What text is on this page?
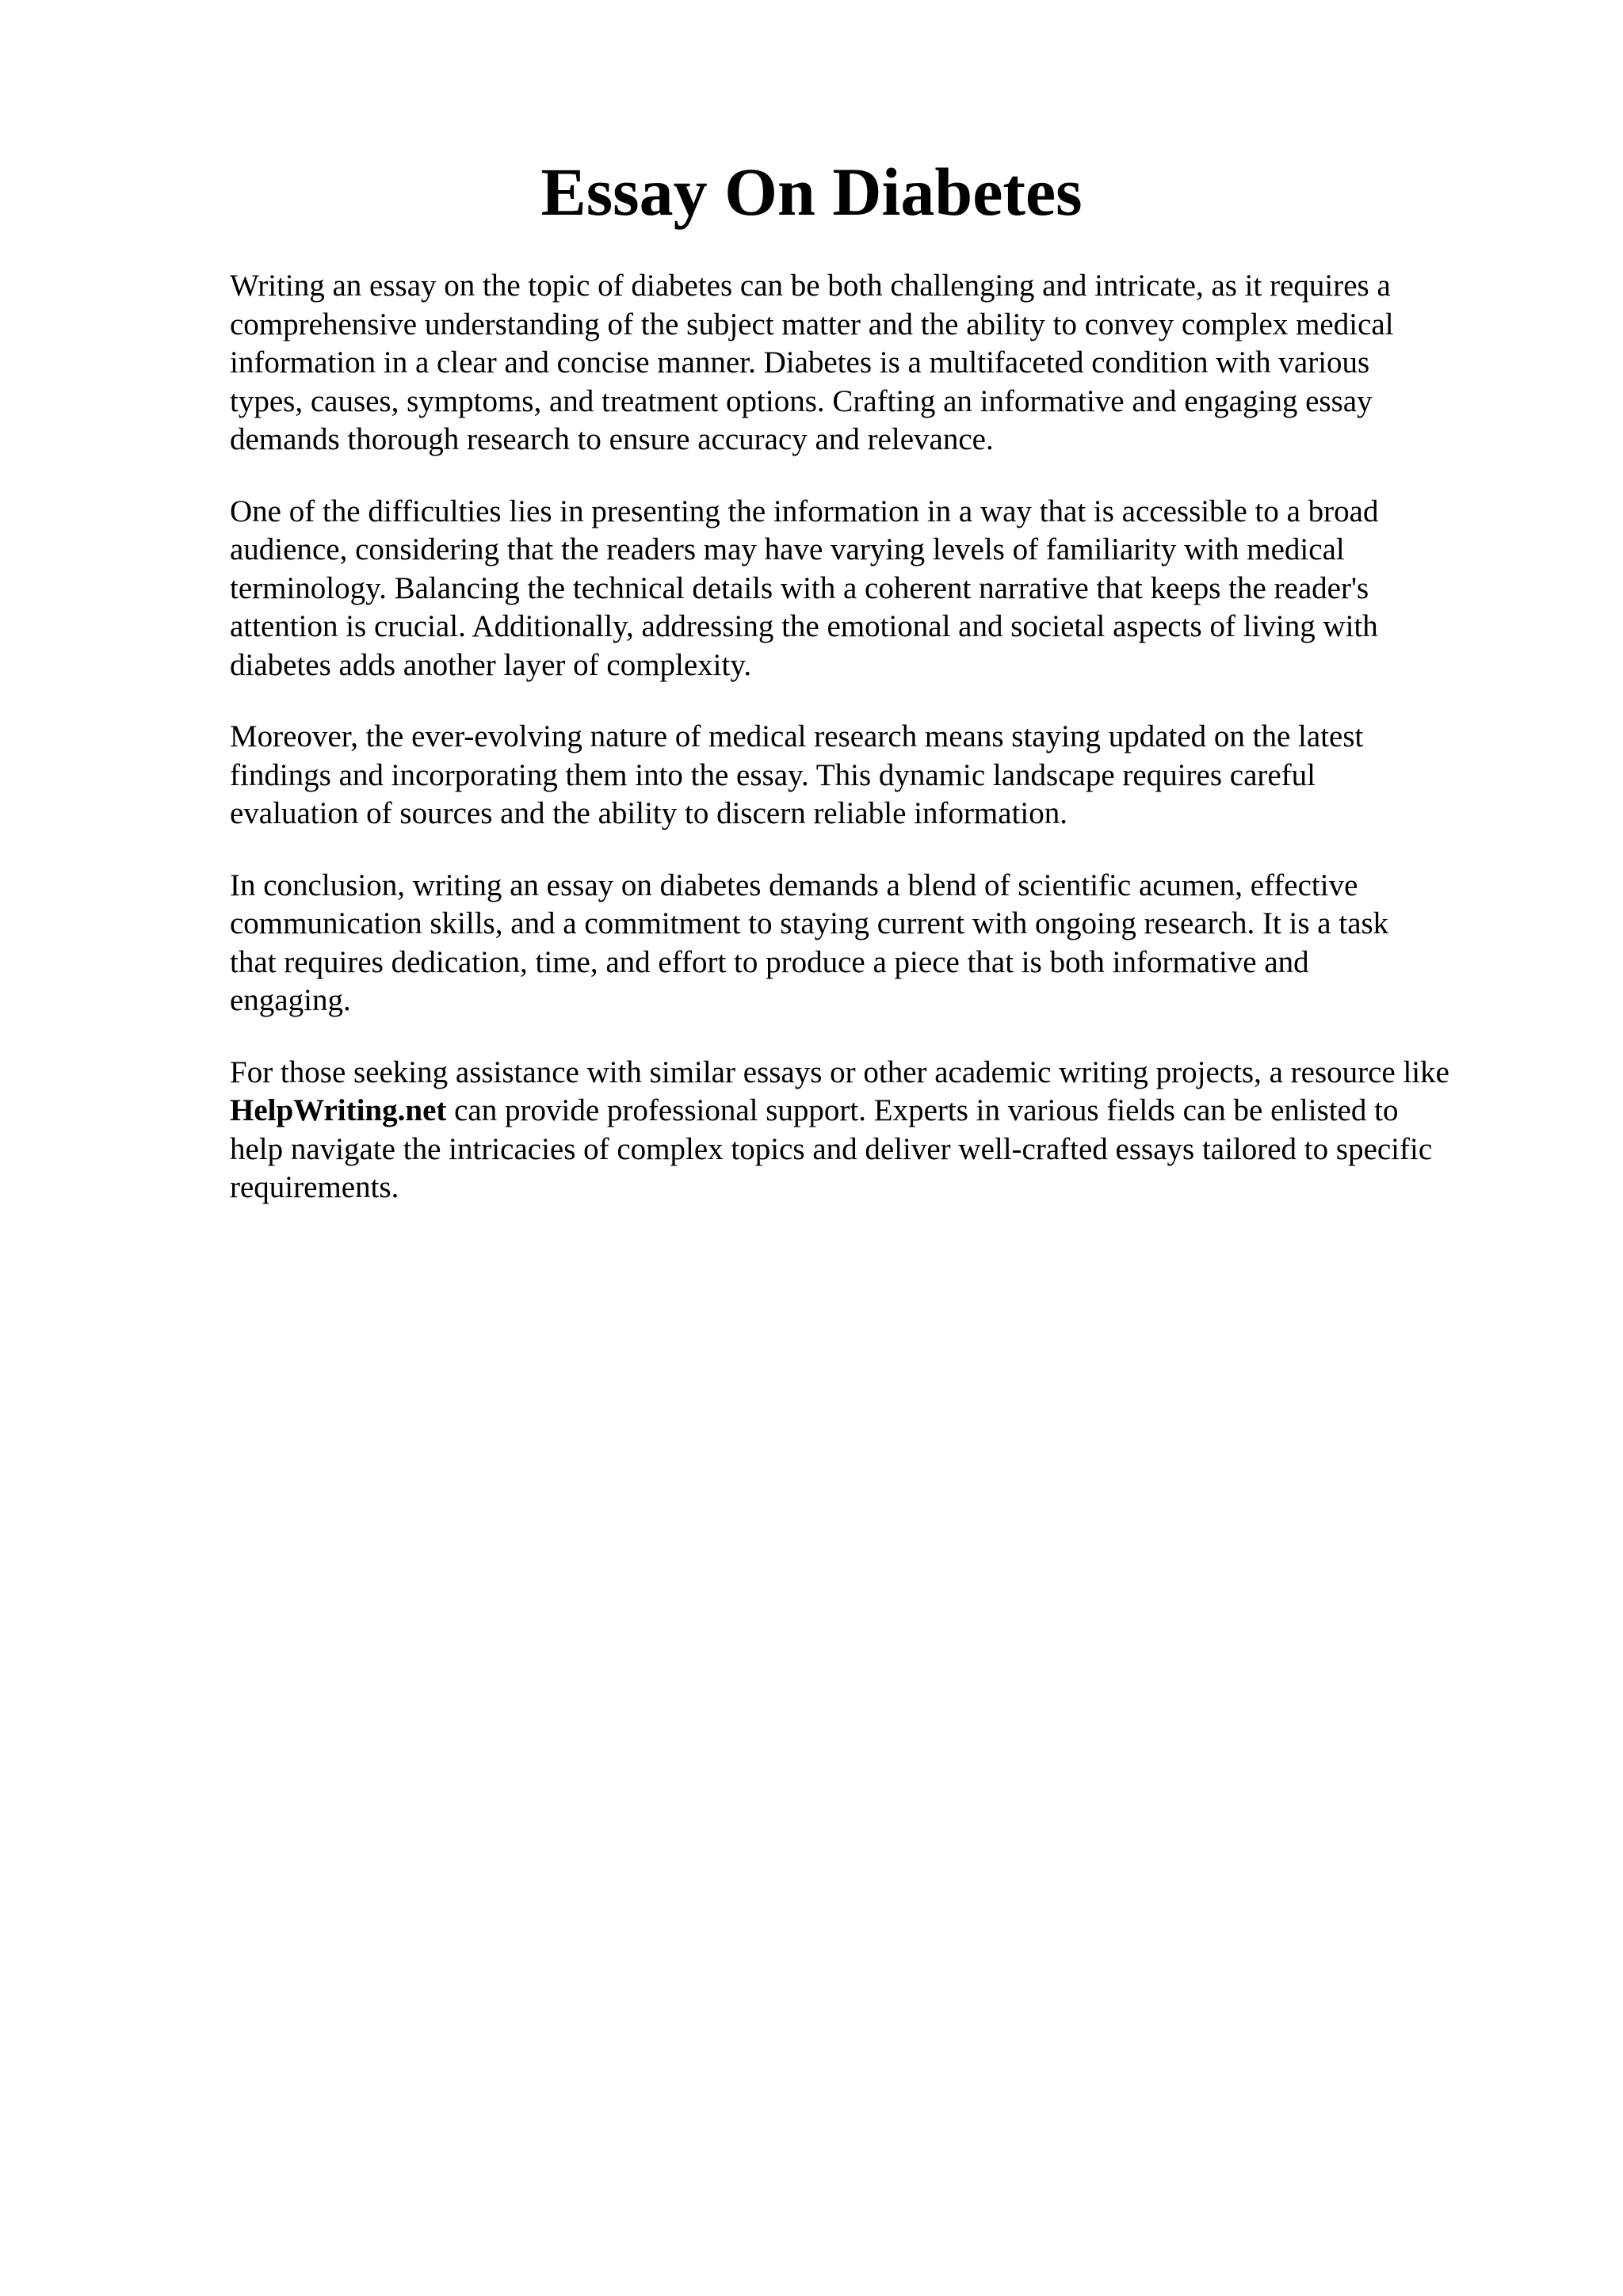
Essay On Diabetes

Writing an essay on the topic of diabetes can be both challenging and intricate, as it requires a
comprehensive understanding of the subject matter and the ability to convey complex medical
information in a clear and concise manner. Diabetes is a multifaceted condition with various
types, causes, symptoms, and treatment options. Crafting an informative and engaging essay
demands thorough research to ensure accuracy and relevance.

One of the difficulties lies in presenting the information in a way that is accessible to a broad
audience, considering that the readers may have varying levels of familiarity with medical
terminology. Balancing the technical details with a coherent narrative that keeps the reader's
attention is crucial. Additionally, addressing the emotional and societal aspects of living with
diabetes adds another layer of complexity.

Moreover, the ever-evolving nature of medical research means staying updated on the latest
findings and incorporating them into the essay. This dynamic landscape requires careful
evaluation of sources and the ability to discern reliable information.

In conclusion, writing an essay on diabetes demands a blend of scientific acumen, effective
communication skills, and a commitment to staying current with ongoing research. It is a task
that requires dedication, time, and effort to produce a piece that is both informative and
engaging.

For those seeking assistance with similar essays or other academic writing projects, a resource like
HelpWriting.net can provide professional support. Experts in various fields can be enlisted to
help navigate the intricacies of complex topics and deliver well-crafted essays tailored to specific
requirements.
